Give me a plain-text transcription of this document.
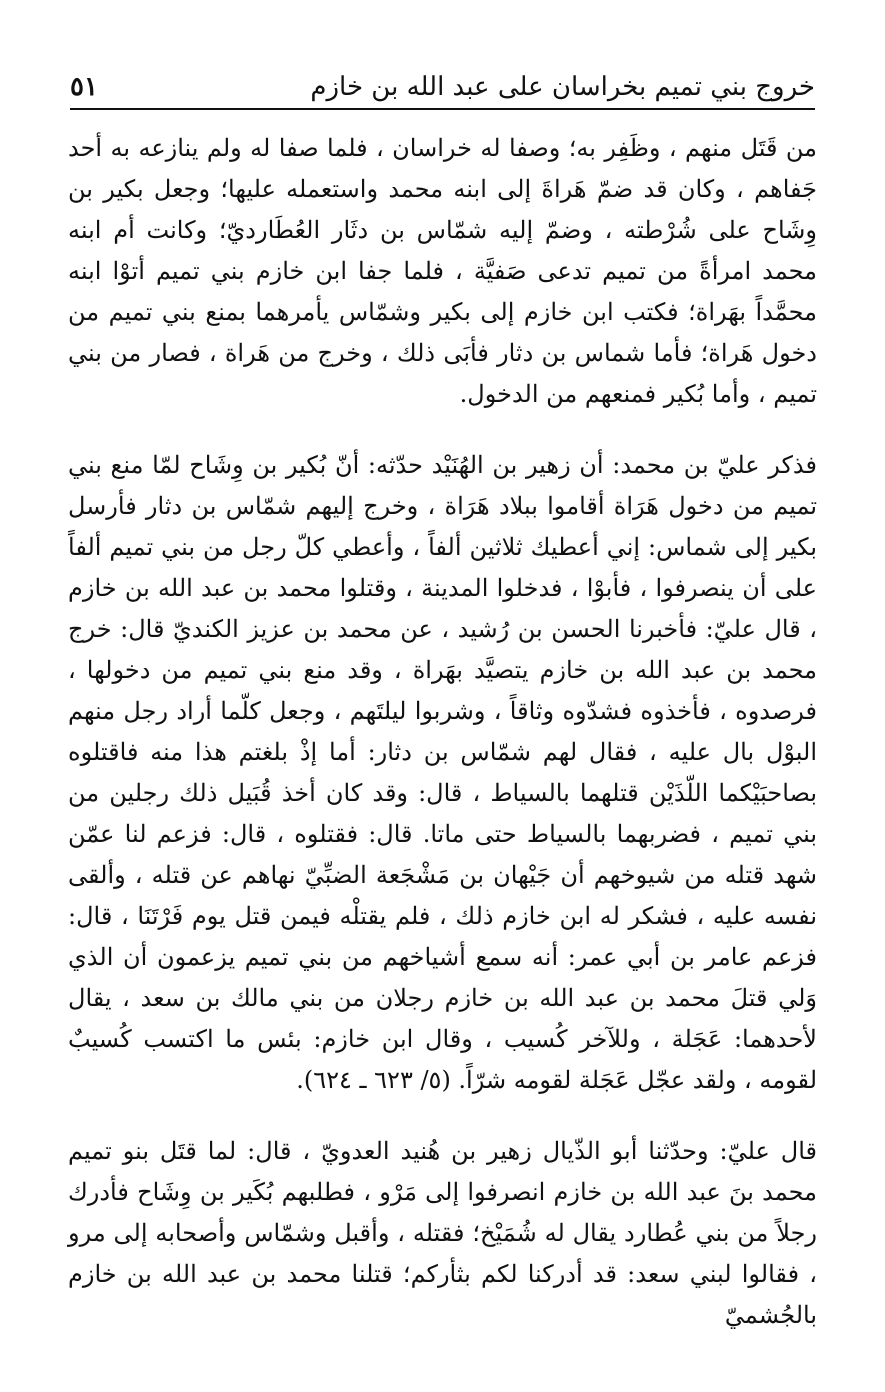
خروج بني تميم بخراسان على عبد الله بن خازم
٥١

من قَتَل منهم ، وظَفِر به؛ وصفا له خراسان ، فلما صفا له ولم ينازعه به أحد جَفاهم ، وكان قد ضمّ هَراةَ إلى ابنه محمد واستعمله عليها؛ وجعل بكير بن وِشَاح على شُرْطته ، وضمّ إليه شمّاس بن دثَار العُطَارديّ؛ وكانت أم ابنه محمد امرأةً من تميم تدعى صَفيَّة ، فلما جفا ابن خازم بني تميم أتوْا ابنه محمَّداً بهَراة؛ فكتب ابن خازم إلى بكير وشمّاس يأمرهما بمنع بني تميم من دخول هَراة؛ فأما شماس بن دثار فأبَى ذلك ، وخرج من هَراة ، فصار من بني تميم ، وأما بُكير فمنعهم من الدخول.

فذكر عليّ بن محمد: أن زهير بن الهُنَيْد حدّثه: أنّ بُكير بن وِشَاح لمّا منع بني تميم من دخول هَرَاة أقاموا ببلاد هَرَاة ، وخرج إليهم شمّاس بن دثار فأرسل بكير إلى شماس: إني أعطيك ثلاثين ألفاً ، وأعطي كلّ رجل من بني تميم ألفاً على أن ينصرفوا ، فأبوْا ، فدخلوا المدينة ، وقتلوا محمد بن عبد الله بن خازم ، قال عليّ: فأخبرنا الحسن بن رُشيد ، عن محمد بن عزيز الكنديّ قال: خرج محمد بن عبد الله بن خازم يتصيَّد بهَراة ، وقد منع بني تميم من دخولها ، فرصدوه ، فأخذوه فشدّوه وثاقاً ، وشربوا ليلتَهم ، وجعل كلّما أراد رجل منهم البوْل بال عليه ، فقال لهم شمّاس بن دثار: أما إذْ بلغتم هذا منه فاقتلوه بصاحبَيْكما اللّذَيْن قتلهما بالسياط ، قال: وقد كان أخذ قُبَيل ذلك رجلين من بني تميم ، فضربهما بالسياط حتى ماتا. قال: فقتلوه ، قال: فزعم لنا عمّن شهد قتله من شيوخهم أن جَيْهان بن مَشْجَعة الضبِّيّ نهاهم عن قتله ، وألقى نفسه عليه ، فشكر له ابن خازم ذلك ، فلم يقتلْه فيمن قتل يوم فَرْتَنَا ، قال: فزعم عامر بن أبي عمر: أنه سمع أشياخهم من بني تميم يزعمون أن الذي وَلي قتلَ محمد بن عبد الله بن خازم رجلان من بني مالك بن سعد ، يقال لأحدهما: عَجَلة ، وللآخر كُسيب ، وقال ابن خازم: بئس ما اكتسب كُسيبٌ لقومه ، ولقد عجّل عَجَلة لقومه شرّاً. (٥/ ٦٢٣ ـ ٦٢٤).

قال عليّ: وحدّثنا أبو الذّيال زهير بن هُنيد العدويّ ، قال: لما قتَل بنو تميم محمد بنَ عبد الله بن خازم انصرفوا إلى مَرْو ، فطلبهم بُكَير بن وِشَاح فأدرك رجلاً من بني عُطارد يقال له شُمَيْخ؛ فقتله ، وأقبل وشمّاس وأصحابه إلى مرو ، فقالوا لبني سعد: قد أدركنا لكم بثأركم؛ قتلنا محمد بن عبد الله بن خازم بالجُشميّ
